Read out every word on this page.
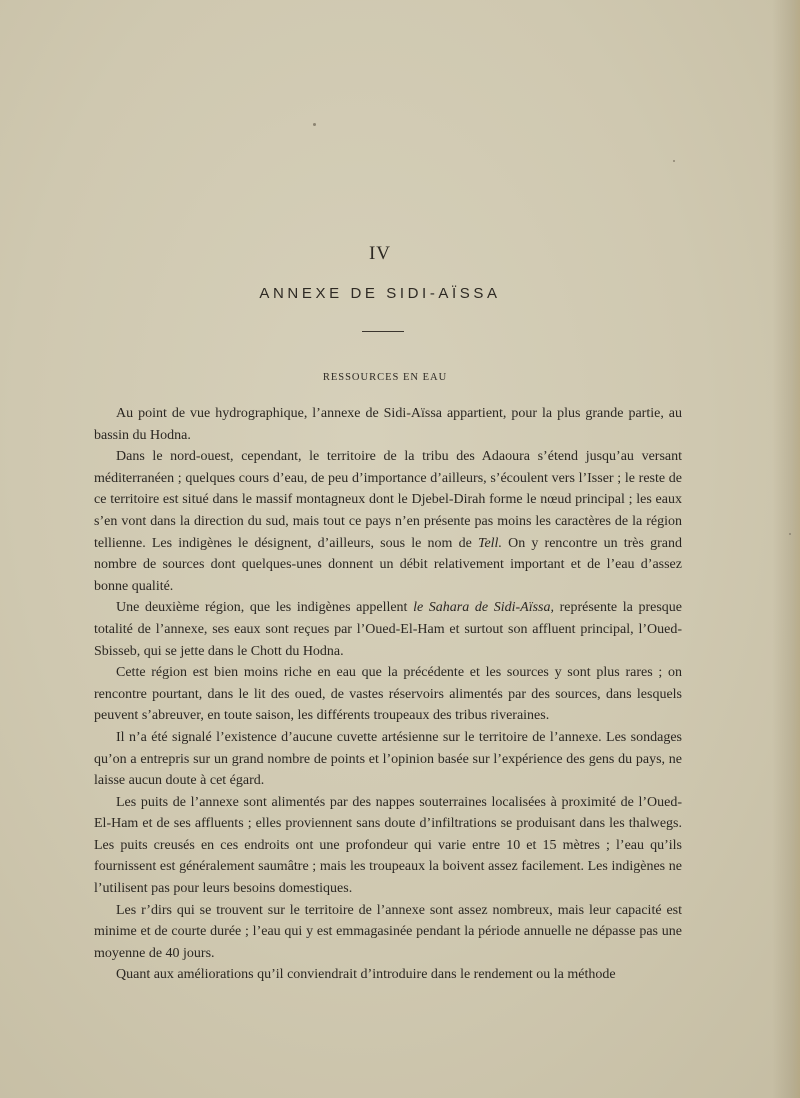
IV
ANNEXE DE SIDI-AÏSSA
RESSOURCES EN EAU

Au point de vue hydrographique, l’annexe de Sidi-Aïssa appartient, pour la plus grande partie, au bassin du Hodna.

Dans le nord-ouest, cependant, le territoire de la tribu des Adaoura s’étend jusqu’au versant méditerranéen ; quelques cours d’eau, de peu d’importance d’ailleurs, s’écoulent vers l’Isser ; le reste de ce territoire est situé dans le massif montagneux dont le Djebel-Dirah forme le nœud principal ; les eaux s’en vont dans la direction du sud, mais tout ce pays n’en présente pas moins les caractères de la région tellienne. Les indigènes le désignent, d’ailleurs, sous le nom de Tell. On y rencontre un très grand nombre de sources dont quelques-unes donnent un débit relativement important et de l’eau d’assez bonne qualité.

Une deuxième région, que les indigènes appellent le Sahara de Sidi-Aïssa, représente la presque totalité de l’annexe, ses eaux sont reçues par l’Oued-El-Ham et surtout son affluent principal, l’Oued-Sbisseb, qui se jette dans le Chott du Hodna.

Cette région est bien moins riche en eau que la précédente et les sources y sont plus rares ; on rencontre pourtant, dans le lit des oued, de vastes réservoirs alimentés par des sources, dans lesquels peuvent s’abreuver, en toute saison, les différents troupeaux des tribus riveraines.

Il n’a été signalé l’existence d’aucune cuvette artésienne sur le territoire de l’annexe. Les sondages qu’on a entrepris sur un grand nombre de points et l’opinion basée sur l’expérience des gens du pays, ne laisse aucun doute à cet égard.

Les puits de l’annexe sont alimentés par des nappes souterraines localisées à proximité de l’Oued-El-Ham et de ses affluents ; elles proviennent sans doute d’infiltrations se produisant dans les thalwegs. Les puits creusés en ces endroits ont une profondeur qui varie entre 10 et 15 mètres ; l’eau qu’ils fournissent est généralement saumâtre ; mais les troupeaux la boivent assez facilement. Les indigènes ne l’utilisent pas pour leurs besoins domestiques.

Les r’dirs qui se trouvent sur le territoire de l’annexe sont assez nombreux, mais leur capacité est minime et de courte durée ; l’eau qui y est emmagasinée pendant la période annuelle ne dépasse pas une moyenne de 40 jours.

Quant aux améliorations qu’il conviendrait d’introduire dans le rendement ou la méthode
